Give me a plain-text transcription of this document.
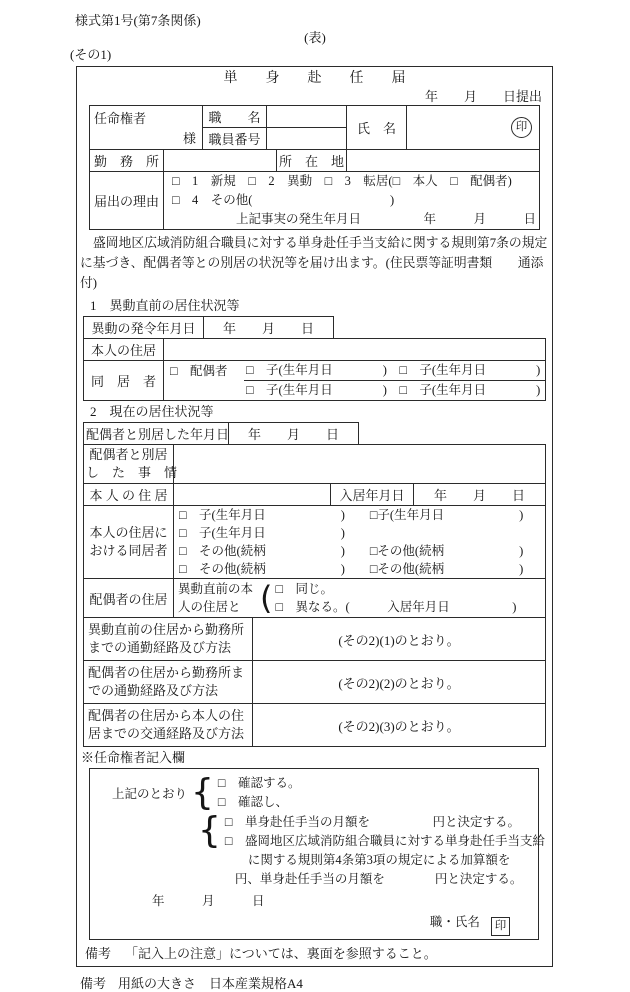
様式第1号(第7条関係)
(表)
(その1)
単　　身　　赴　　任　　届
年　　月　　日提出
任命権者
様	職　　名		氏　名	印
	職員番号			
勤　務　所		所　在　地	
届出の理由	□　1　新規　□　2　異動　□　3　転居(□　本人　□　配偶者)
□　4　その他(　　　　　　　　　　　)
上記事実の発生年月日　　　　　年　　　月　　　日		
盛岡地区広域消防組合職員に対する単身赴任手当支給に関する規則第7条の規定に基づき、配偶者等との別居の状況等を届け出ます。(住民票等証明書類　　通添付)
1　異動直前の居住状況等
異動の発令年月日	年　　月　　日
本人の住居	
同　居　者	□　配偶者 □　子(生年月日　　　　)　□　子(生年月日　　　　)
□　子(生年月日　　　　)　□　子(生年月日　　　　)
2　現在の居住状況等
配偶者と別居した年月日	年　　月　　日
配偶者と別居
し　た　事　情			

本 人 の 住 居		入居年月日	年　　月　　日

本人の住居に
おける同居者

□　子(生年月日　　　　　　)　　□子(生年月日　　　　　　)
□　子(生年月日　　　　　　)
□　その他(続柄　　　　　　)　　□その他(続柄　　　　　　)
□　その他(続柄　　　　　　)　　□その他(続柄　　　　　　)

配偶者の住居	異動直前の本
人の住居と ( □　同じ。
□　異なる。(　　　入居年月日　　　　　)		
異動直前の住居から勤務所までの通勤経路及び方法	(その2)(1)のとおり。
配偶者の住居から勤務所までの通勤経路及び方法	(その2)(2)のとおり。
配偶者の住居から本人の住居までの交通経路及び方法	(その2)(3)のとおり。
※任命権者記入欄
上記のとおり { □　確認する。
□　確認し、
{ □　単身赴任手当の月額を　　　　　円と決定する。
□　盛岡地区広域消防組合職員に対する単身赴任手当支給
に関する規則第4条第3項の規定による加算額を
円、単身赴任手当の月額を　　　　円と決定する。
年　　　月　　　日
職・氏名 印
備考 「記入上の注意」については、裏面を参照すること。
備考 用紙の大きさ　日本産業規格A4
